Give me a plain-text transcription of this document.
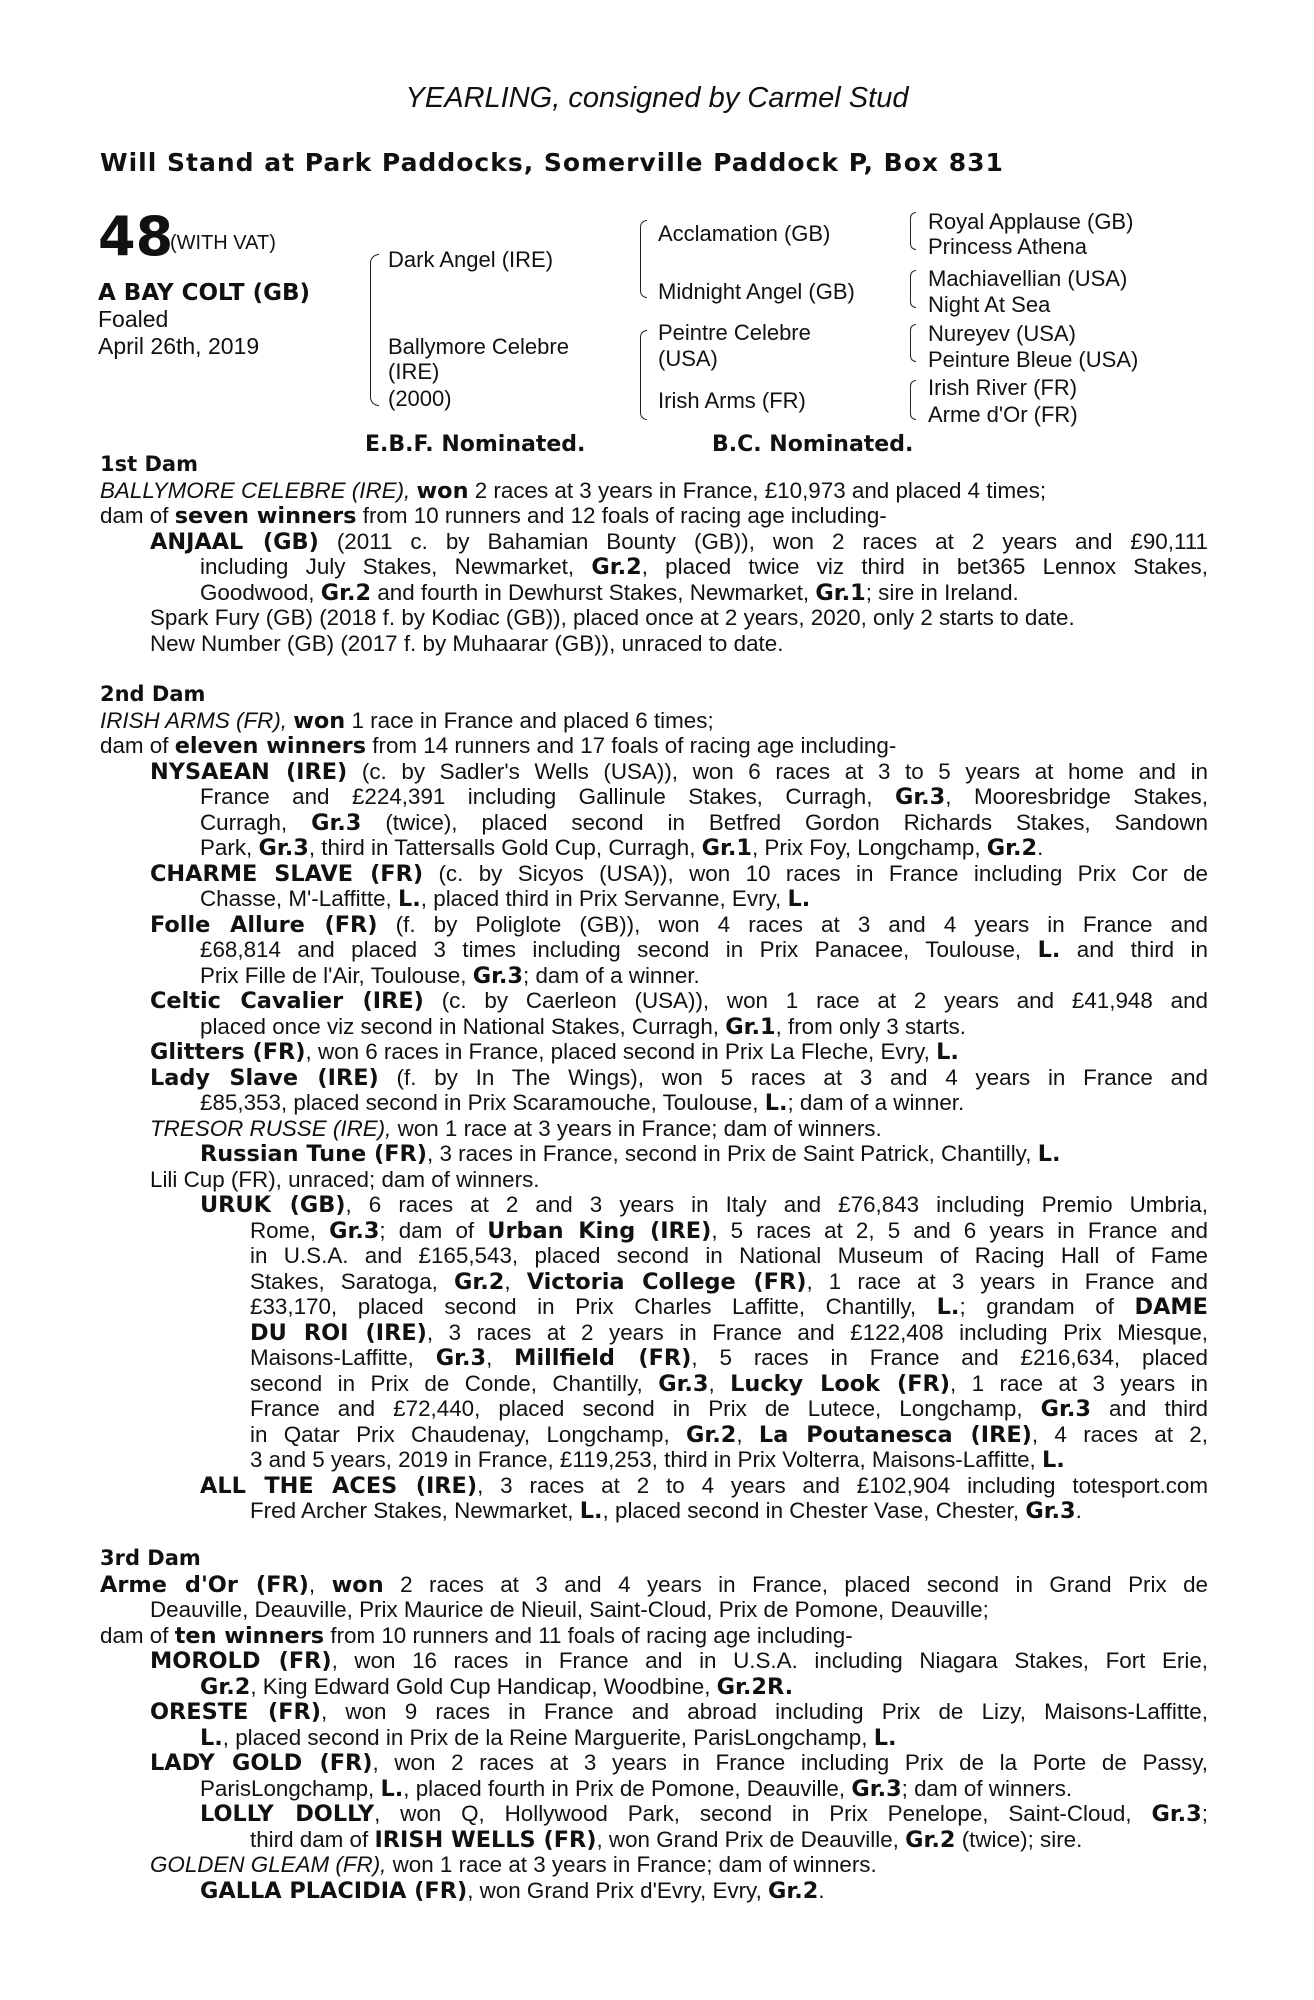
YEARLING, consigned by Carmel Stud
Will Stand at Park Paddocks, Somerville Paddock P, Box 831
48
(WITH VAT)
A BAY COLT (GB)
Foaled
April 26th, 2019
Dark Angel (IRE)
Ballymore Celebre
(IRE)
(2000)
Acclamation (GB)
Midnight Angel (GB)
Peintre Celebre
(USA)
Irish Arms (FR)
Royal Applause (GB)
Princess Athena
Machiavellian (USA)
Night At Sea
Nureyev (USA)
Peinture Bleue (USA)
Irish River (FR)
Arme d'Or (FR)
E.B.F. Nominated.	B.C. Nominated.
1st Dam
BALLYMORE CELEBRE (IRE), won 2 races at 3 years in France, £10,973 and placed 4 times;
dam of seven winners from 10 runners and 12 foals of racing age including-
ANJAAL (GB) (2011 c. by Bahamian Bounty (GB)), won 2 races at 2 years and £90,111
including July Stakes, Newmarket, Gr.2, placed twice viz third in bet365 Lennox Stakes,
Goodwood, Gr.2 and fourth in Dewhurst Stakes, Newmarket, Gr.1; sire in Ireland.
Spark Fury (GB) (2018 f. by Kodiac (GB)), placed once at 2 years, 2020, only 2 starts to date.
New Number (GB) (2017 f. by Muhaarar (GB)), unraced to date.
2nd Dam
IRISH ARMS (FR), won 1 race in France and placed 6 times;
dam of eleven winners from 14 runners and 17 foals of racing age including-
NYSAEAN (IRE) (c. by Sadler's Wells (USA)), won 6 races at 3 to 5 years at home and in
France and £224,391 including Gallinule Stakes, Curragh, Gr.3, Mooresbridge Stakes,
Curragh, Gr.3 (twice), placed second in Betfred Gordon Richards Stakes, Sandown
Park, Gr.3, third in Tattersalls Gold Cup, Curragh, Gr.1, Prix Foy, Longchamp, Gr.2.
CHARME SLAVE (FR) (c. by Sicyos (USA)), won 10 races in France including Prix Cor de
Chasse, M'-Laffitte, L., placed third in Prix Servanne, Evry, L.
Folle Allure (FR) (f. by Poliglote (GB)), won 4 races at 3 and 4 years in France and
£68,814 and placed 3 times including second in Prix Panacee, Toulouse, L. and third in
Prix Fille de l'Air, Toulouse, Gr.3; dam of a winner.
Celtic Cavalier (IRE) (c. by Caerleon (USA)), won 1 race at 2 years and £41,948 and
placed once viz second in National Stakes, Curragh, Gr.1, from only 3 starts.
Glitters (FR), won 6 races in France, placed second in Prix La Fleche, Evry, L.
Lady Slave (IRE) (f. by In The Wings), won 5 races at 3 and 4 years in France and
£85,353, placed second in Prix Scaramouche, Toulouse, L.; dam of a winner.
TRESOR RUSSE (IRE), won 1 race at 3 years in France; dam of winners.
Russian Tune (FR), 3 races in France, second in Prix de Saint Patrick, Chantilly, L.
Lili Cup (FR), unraced; dam of winners.
URUK (GB), 6 races at 2 and 3 years in Italy and £76,843 including Premio Umbria,
Rome, Gr.3; dam of Urban King (IRE), 5 races at 2, 5 and 6 years in France and
in U.S.A. and £165,543, placed second in National Museum of Racing Hall of Fame
Stakes, Saratoga, Gr.2, Victoria College (FR), 1 race at 3 years in France and
£33,170, placed second in Prix Charles Laffitte, Chantilly, L.; grandam of DAME
DU ROI (IRE), 3 races at 2 years in France and £122,408 including Prix Miesque,
Maisons-Laffitte, Gr.3, Millfield (FR), 5 races in France and £216,634, placed
second in Prix de Conde, Chantilly, Gr.3, Lucky Look (FR), 1 race at 3 years in
France and £72,440, placed second in Prix de Lutece, Longchamp, Gr.3 and third
in Qatar Prix Chaudenay, Longchamp, Gr.2, La Poutanesca (IRE), 4 races at 2,
3 and 5 years, 2019 in France, £119,253, third in Prix Volterra, Maisons-Laffitte, L.
ALL THE ACES (IRE), 3 races at 2 to 4 years and £102,904 including totesport.com
Fred Archer Stakes, Newmarket, L., placed second in Chester Vase, Chester, Gr.3.
3rd Dam
Arme d'Or (FR), won 2 races at 3 and 4 years in France, placed second in Grand Prix de
Deauville, Deauville, Prix Maurice de Nieuil, Saint-Cloud, Prix de Pomone, Deauville;
dam of ten winners from 10 runners and 11 foals of racing age including-
MOROLD (FR), won 16 races in France and in U.S.A. including Niagara Stakes, Fort Erie,
Gr.2, King Edward Gold Cup Handicap, Woodbine, Gr.2R.
ORESTE (FR), won 9 races in France and abroad including Prix de Lizy, Maisons-Laffitte,
L., placed second in Prix de la Reine Marguerite, ParisLongchamp, L.
LADY GOLD (FR), won 2 races at 3 years in France including Prix de la Porte de Passy,
ParisLongchamp, L., placed fourth in Prix de Pomone, Deauville, Gr.3; dam of winners.
LOLLY DOLLY, won Q, Hollywood Park, second in Prix Penelope, Saint-Cloud, Gr.3;
third dam of IRISH WELLS (FR), won Grand Prix de Deauville, Gr.2 (twice); sire.
GOLDEN GLEAM (FR), won 1 race at 3 years in France; dam of winners.
GALLA PLACIDIA (FR), won Grand Prix d'Evry, Evry, Gr.2.
